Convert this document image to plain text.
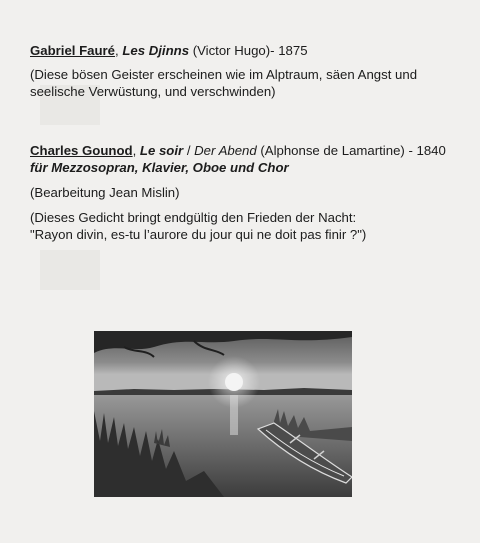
Gabriel Fauré, Les Djinns (Victor Hugo)- 1875

(Diese bösen Geister erscheinen wie im Alptraum, säen Angst und seelische Verwüstung, und verschwinden)

Charles Gounod, Le soir / Der Abend (Alphonse de Lamartine) - 1840
für Mezzosopran, Klavier, Oboe und Chor

(Bearbeitung Jean Mislin)

(Dieses Gedicht bringt endgültig den Frieden der Nacht:

"Rayon divin, es-tu l’aurore du jour qui ne doit pas finir ?")
